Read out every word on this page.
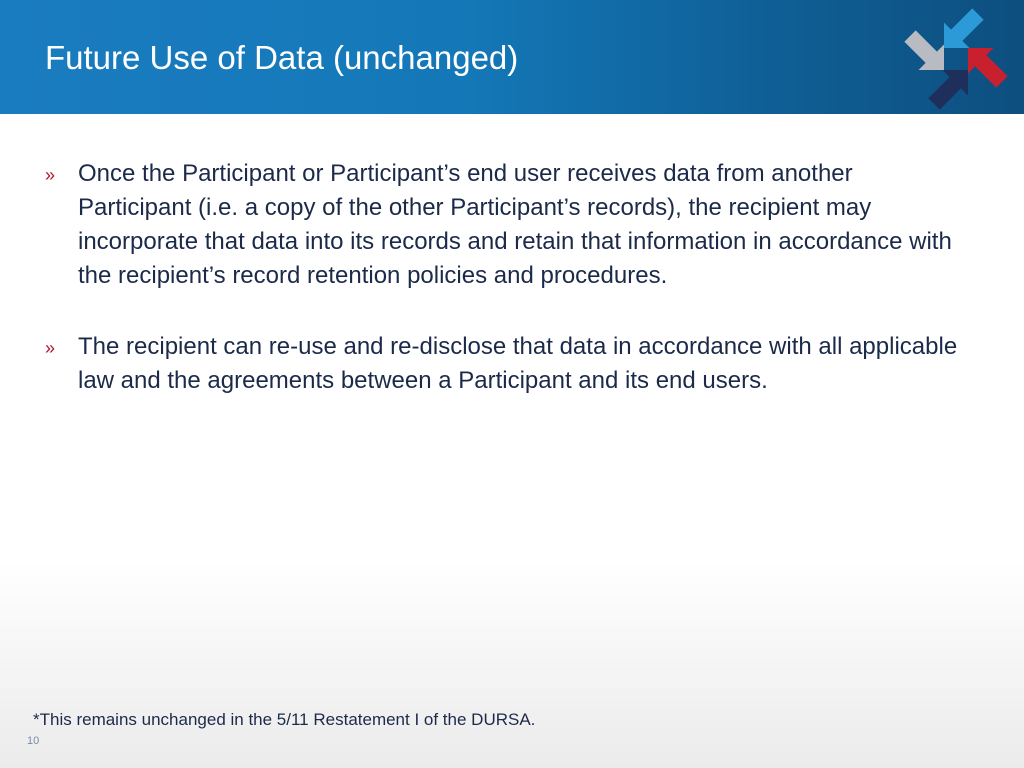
Future Use of Data (unchanged)
» Once the Participant or Participant’s end user receives data from another Participant (i.e. a copy of the other Participant’s records), the recipient may incorporate that data into its records and retain that information in accordance with the recipient’s record retention policies and procedures.
» The recipient can re-use and re-disclose that data in accordance with all applicable law and the agreements between a Participant and its end users.
*This remains unchanged in the 5/11 Restatement I of the DURSA.
10
